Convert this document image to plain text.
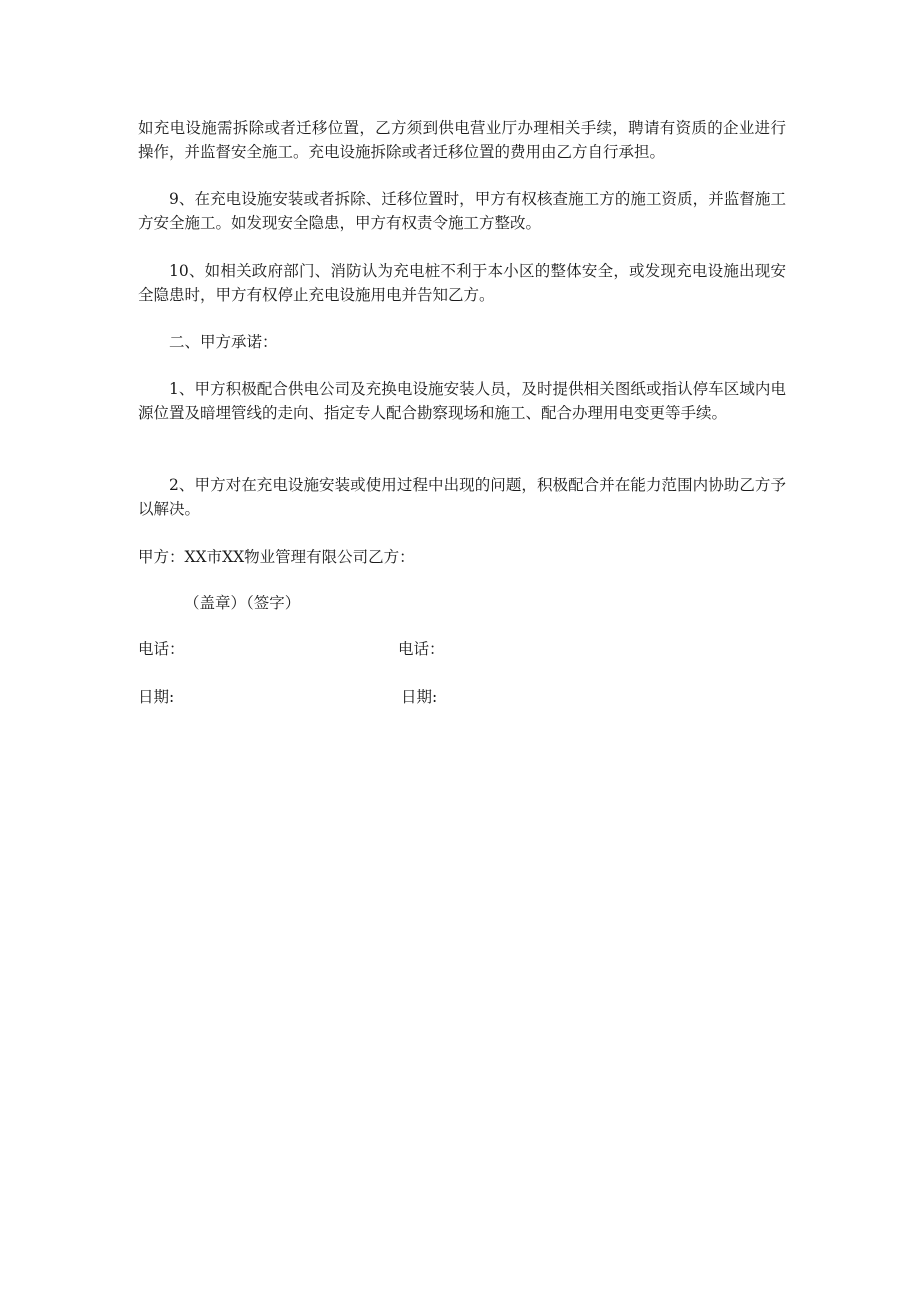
如充电设施需拆除或者迁移位置，乙方须到供电营业厅办理相关手续，聘请有资质的企业进行操作，并监督安全施工。充电设施拆除或者迁移位置的费用由乙方自行承担。

9、在充电设施安装或者拆除、迁移位置时，甲方有权核查施工方的施工资质，并监督施工方安全施工。如发现安全隐患，甲方有权责令施工方整改。

10、如相关政府部门、消防认为充电桩不利于本小区的整体安全，或发现充电设施出现安全隐患时，甲方有权停止充电设施用电并告知乙方。

二、甲方承诺：

1、甲方积极配合供电公司及充换电设施安装人员，及时提供相关图纸或指认停车区域内电源位置及暗埋管线的走向、指定专人配合勘察现场和施工、配合办理用电变更等手续。

2、甲方对在充电设施安装或使用过程中出现的问题，积极配合并在能力范围内协助乙方予以解决。

甲方：XX市XX物业管理有限公司乙方：

（盖章）（签字）

电话：	电话：

日期:	日期:
